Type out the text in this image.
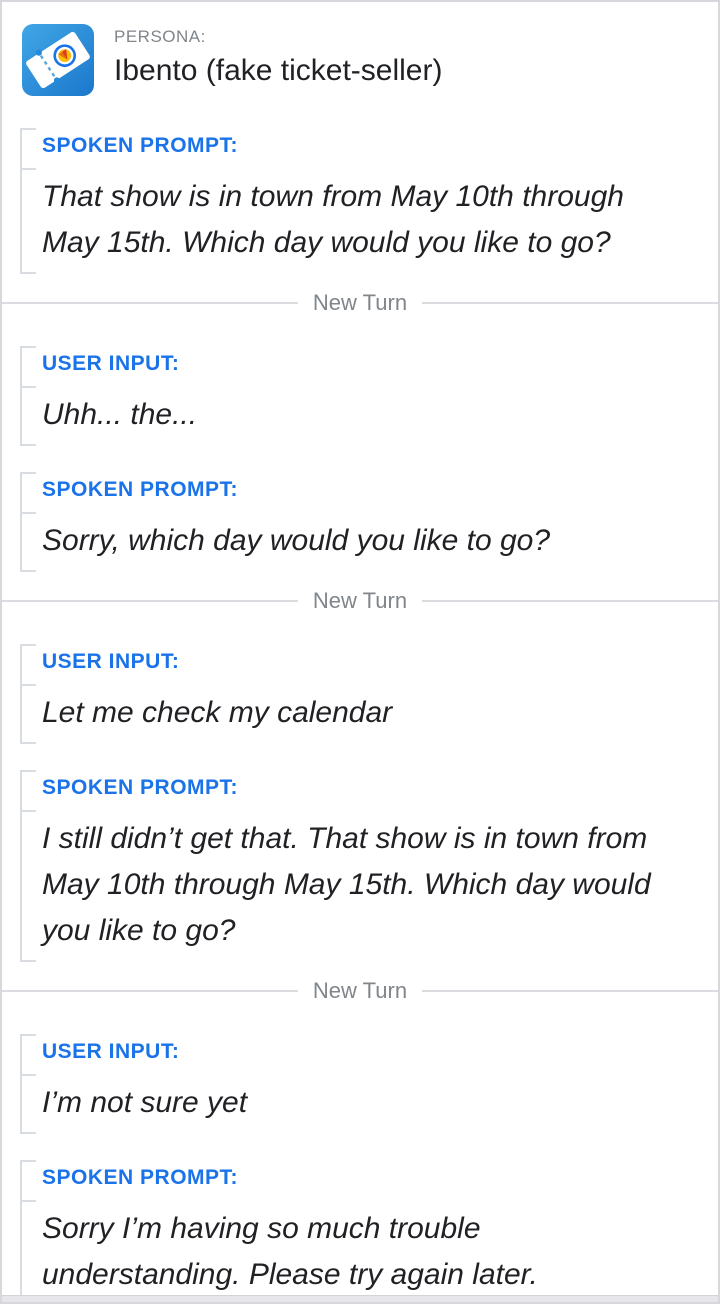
PERSONA:
Ibento (fake ticket-seller)
SPOKEN PROMPT:
That show is in town from May 10th through May 15th. Which day would you like to go?
New Turn
USER INPUT:
Uhh... the...
SPOKEN PROMPT:
Sorry, which day would you like to go?
New Turn
USER INPUT:
Let me check my calendar
SPOKEN PROMPT:
I still didn’t get that. That show is in town from May 10th through May 15th. Which day would you like to go?
New Turn
USER INPUT:
I’m not sure yet
SPOKEN PROMPT:
Sorry I’m having so much trouble understanding. Please try again later.
